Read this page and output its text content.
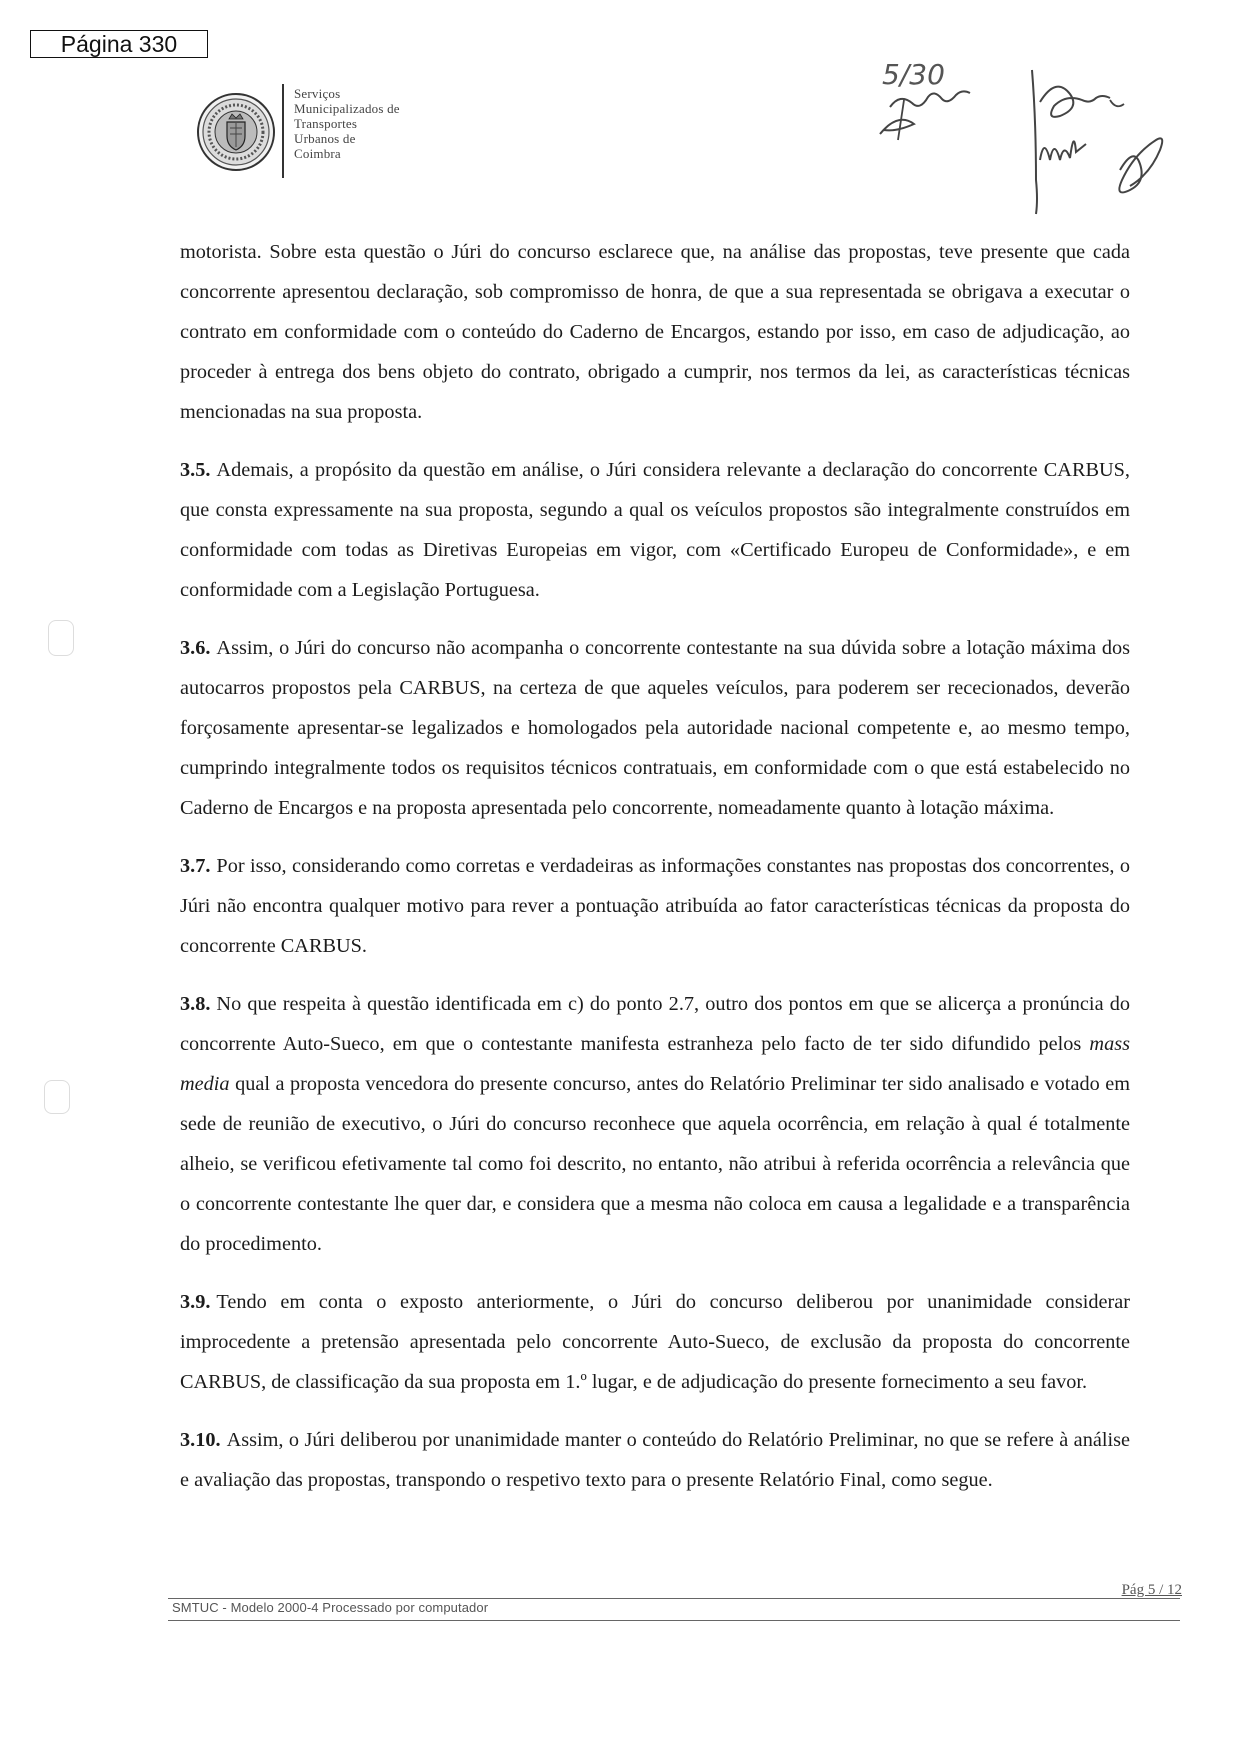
Página 330
Serviços
Municipalizados de
Transportes
Urbanos de
Coimbra
5/30

motorista. Sobre esta questão o Júri do concurso esclarece que, na análise das propostas, teve presente que cada concorrente apresentou declaração, sob compromisso de honra, de que a sua representada se obrigava a executar o contrato em conformidade com o conteúdo do Caderno de Encargos, estando por isso, em caso de adjudicação, ao proceder à entrega dos bens objeto do contrato, obrigado a cumprir, nos termos da lei, as características técnicas mencionadas na sua proposta.

3.5. Ademais, a propósito da questão em análise, o Júri considera relevante a declaração do concorrente CARBUS, que consta expressamente na sua proposta, segundo a qual os veículos propostos são integralmente construídos em conformidade com todas as Diretivas Europeias em vigor, com «Certificado Europeu de Conformidade», e em conformidade com a Legislação Portuguesa.

3.6. Assim, o Júri do concurso não acompanha o concorrente contestante na sua dúvida sobre a lotação máxima dos autocarros propostos pela CARBUS, na certeza de que aqueles veículos, para poderem ser rececionados, deverão forçosamente apresentar-se legalizados e homologados pela autoridade nacional competente e, ao mesmo tempo, cumprindo integralmente todos os requisitos técnicos contratuais, em conformidade com o que está estabelecido no Caderno de Encargos e na proposta apresentada pelo concorrente, nomeadamente quanto à lotação máxima.

3.7. Por isso, considerando como corretas e verdadeiras as informações constantes nas propostas dos concorrentes, o Júri não encontra qualquer motivo para rever a pontuação atribuída ao fator características técnicas da proposta do concorrente CARBUS.

3.8. No que respeita à questão identificada em c) do ponto 2.7, outro dos pontos em que se alicerça a pronúncia do concorrente Auto-Sueco, em que o contestante manifesta estranheza pelo facto de ter sido difundido pelos mass media qual a proposta vencedora do presente concurso, antes do Relatório Preliminar ter sido analisado e votado em sede de reunião de executivo, o Júri do concurso reconhece que aquela ocorrência, em relação à qual é totalmente alheio, se verificou efetivamente tal como foi descrito, no entanto, não atribui à referida ocorrência a relevância que o concorrente contestante lhe quer dar, e considera que a mesma não coloca em causa a legalidade e a transparência do procedimento.

3.9. Tendo em conta o exposto anteriormente, o Júri do concurso deliberou por unanimidade considerar improcedente a pretensão apresentada pelo concorrente Auto-Sueco, de exclusão da proposta do concorrente CARBUS, de classificação da sua proposta em 1.º lugar, e de adjudicação do presente fornecimento a seu favor.

3.10. Assim, o Júri deliberou por unanimidade manter o conteúdo do Relatório Preliminar, no que se refere à análise e avaliação das propostas, transpondo o respetivo texto para o presente Relatório Final, como segue.

Pág 5 / 12
SMTUC - Modelo 2000-4 Processado por computador
